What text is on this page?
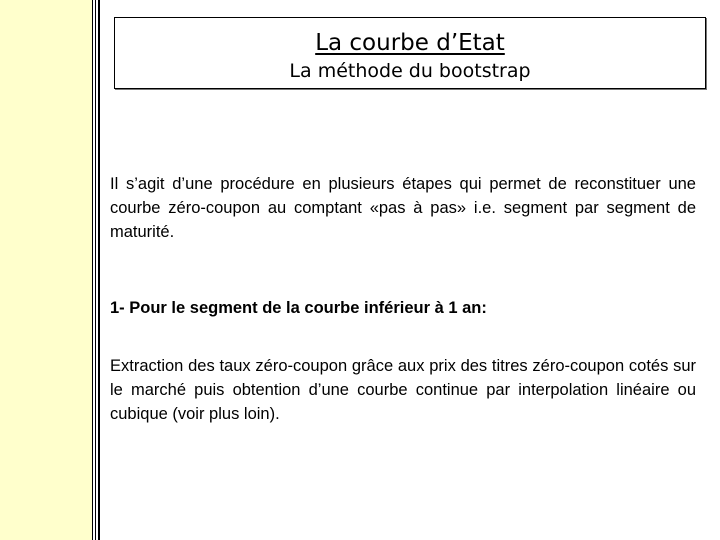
La courbe d’Etat
La méthode du bootstrap

Il s’agit d’une procédure en plusieurs étapes qui permet de reconstituer une courbe zéro-coupon au comptant «pas à pas» i.e. segment par segment de maturité.

1- Pour le segment de la courbe inférieur à 1 an:

Extraction des taux zéro-coupon grâce aux prix des titres zéro-coupon cotés sur le marché puis obtention d’une courbe continue par interpolation linéaire ou cubique (voir plus loin).
